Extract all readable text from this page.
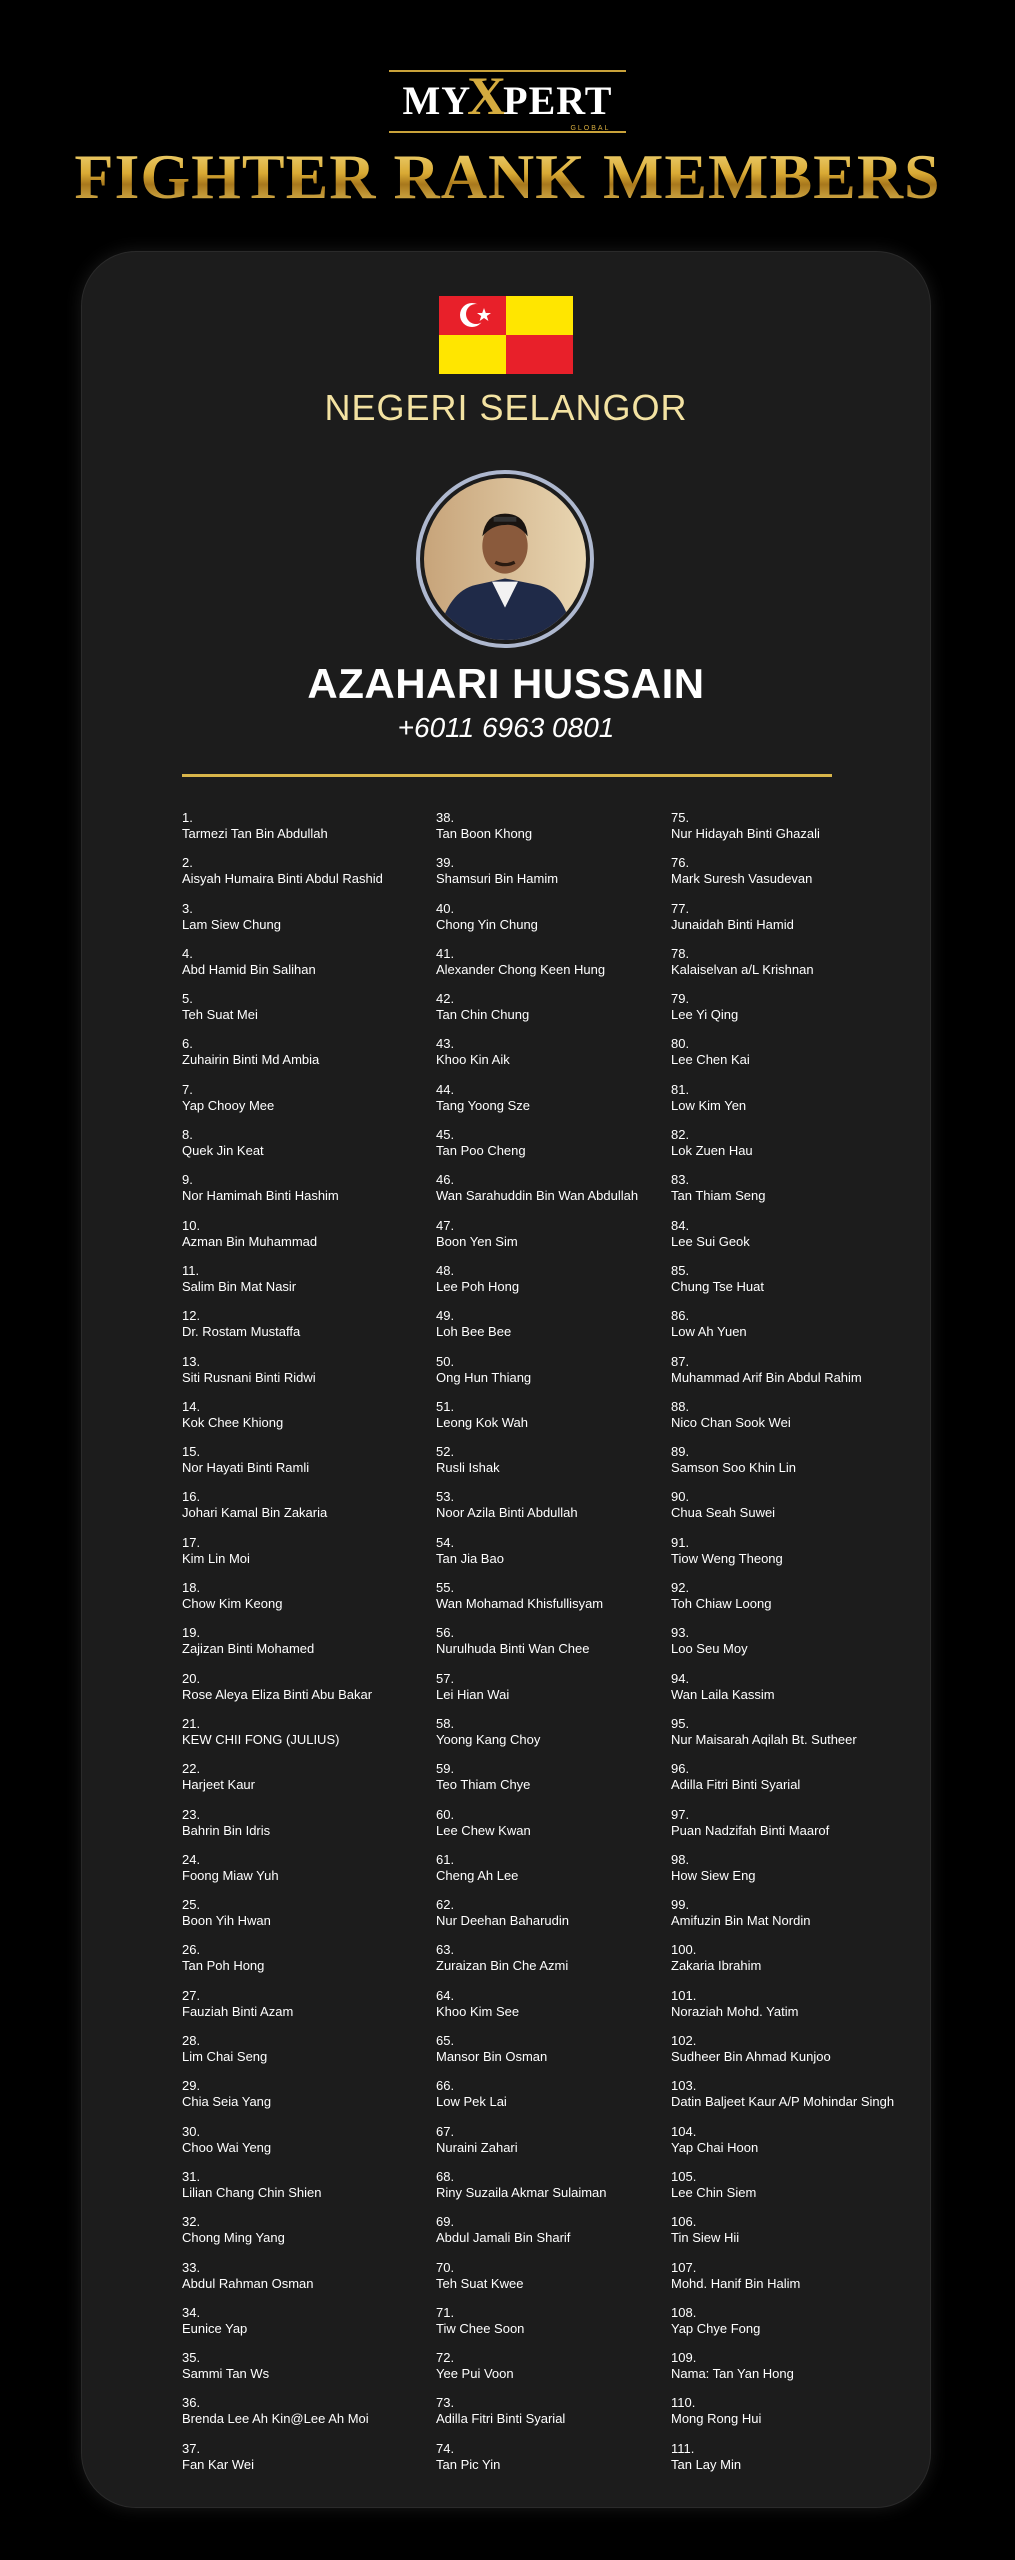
MYXPERT
GLOBAL
FIGHTER RANK MEMBERS
NEGERI SELANGOR
AZAHARI HUSSAIN
+6011 6963 0801
1.
Tarmezi Tan Bin Abdullah
2.
Aisyah Humaira Binti Abdul Rashid
3.
Lam Siew Chung
4.
Abd Hamid Bin Salihan
5.
Teh Suat Mei
6.
Zuhairin Binti Md Ambia
7.
Yap Chooy Mee
8.
Quek Jin Keat
9.
Nor Hamimah Binti Hashim
10.
Azman Bin Muhammad
11.
Salim Bin Mat Nasir
12.
Dr. Rostam Mustaffa
13.
Siti Rusnani Binti Ridwi
14.
Kok Chee Khiong
15.
Nor Hayati Binti Ramli
16.
Johari Kamal Bin Zakaria
17.
Kim Lin Moi
18.
Chow Kim Keong
19.
Zajizan Binti Mohamed
20.
Rose Aleya Eliza Binti Abu Bakar
21.
KEW CHII FONG (JULIUS)
22.
Harjeet Kaur
23.
Bahrin Bin Idris
24.
Foong Miaw Yuh
25.
Boon Yih Hwan
26.
Tan Poh Hong
27.
Fauziah Binti Azam
28.
Lim Chai Seng
29.
Chia Seia Yang
30.
Choo Wai Yeng
31.
Lilian Chang Chin Shien
32.
Chong Ming Yang
33.
Abdul Rahman Osman
34.
Eunice Yap
35.
Sammi Tan Ws
36.
Brenda Lee Ah Kin@Lee Ah Moi
37.
Fan Kar Wei
38.
Tan Boon Khong
39.
Shamsuri Bin Hamim
40.
Chong Yin Chung
41.
Alexander Chong Keen Hung
42.
Tan Chin Chung
43.
Khoo Kin Aik
44.
Tang Yoong Sze
45.
Tan Poo Cheng
46.
Wan Sarahuddin Bin Wan Abdullah
47.
Boon Yen Sim
48.
Lee Poh Hong
49.
Loh Bee Bee
50.
Ong Hun Thiang
51.
Leong Kok Wah
52.
Rusli Ishak
53.
Noor Azila Binti Abdullah
54.
Tan Jia Bao
55.
Wan Mohamad Khisfullisyam
56.
Nurulhuda Binti Wan Chee
57.
Lei Hian Wai
58.
Yoong Kang Choy
59.
Teo Thiam Chye
60.
Lee Chew Kwan
61.
Cheng Ah Lee
62.
Nur Deehan Baharudin
63.
Zuraizan Bin Che Azmi
64.
Khoo Kim See
65.
Mansor Bin Osman
66.
Low Pek Lai
67.
Nuraini Zahari
68.
Riny Suzaila Akmar Sulaiman
69.
Abdul Jamali Bin Sharif
70.
Teh Suat Kwee
71.
Tiw Chee Soon
72.
Yee Pui Voon
73.
Adilla Fitri Binti Syarial
74.
Tan Pic Yin
75.
Nur Hidayah Binti Ghazali
76.
Mark Suresh Vasudevan
77.
Junaidah Binti Hamid
78.
Kalaiselvan a/L Krishnan
79.
Lee Yi Qing
80.
Lee Chen Kai
81.
Low Kim Yen
82.
Lok Zuen Hau
83.
Tan Thiam Seng
84.
Lee Sui Geok
85.
Chung Tse Huat
86.
Low Ah Yuen
87.
Muhammad Arif Bin Abdul Rahim
88.
Nico Chan Sook Wei
89.
Samson Soo Khin Lin
90.
Chua Seah Suwei
91.
Tiow Weng Theong
92.
Toh Chiaw Loong
93.
Loo Seu Moy
94.
Wan Laila Kassim
95.
Nur Maisarah Aqilah Bt. Sutheer
96.
Adilla Fitri Binti Syarial
97.
Puan Nadzifah Binti Maarof
98.
How Siew Eng
99.
Amifuzin Bin Mat Nordin
100.
Zakaria Ibrahim
101.
Noraziah Mohd. Yatim
102.
Sudheer Bin Ahmad Kunjoo
103.
Datin Baljeet Kaur A/P Mohindar Singh
104.
Yap Chai Hoon
105.
Lee Chin Siem
106.
Tin Siew Hii
107.
Mohd. Hanif Bin Halim
108.
Yap Chye Fong
109.
Nama: Tan Yan Hong
110.
Mong Rong Hui
111.
Tan Lay Min
